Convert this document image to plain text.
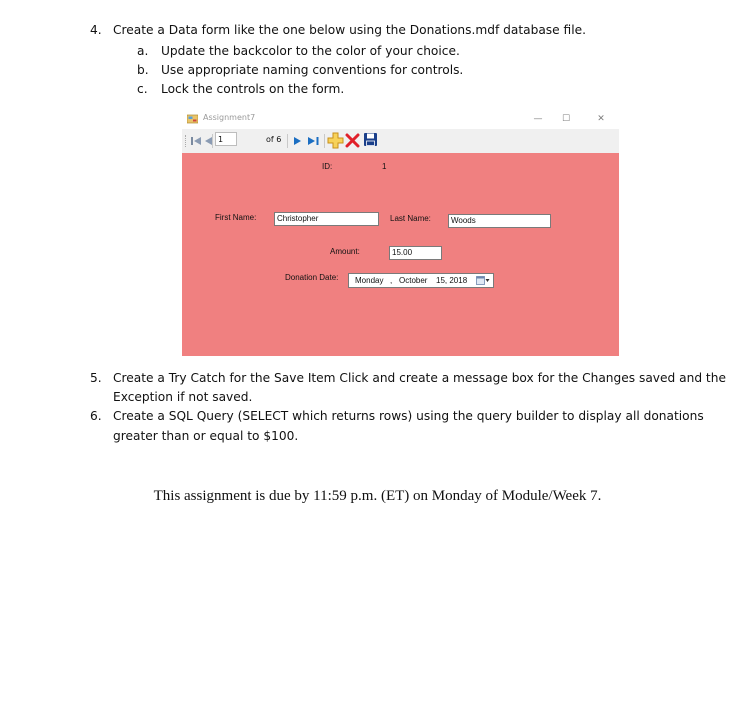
4. Create a Data form like the one below using the Donations.mdf database file.
a. Update the backcolor to the color of your choice.
b. Use appropriate naming conventions for controls.
c. Lock the controls on the form.
5. Create a Try Catch for the Save Item Click and create a message box for the Changes saved and the
Exception if not saved.
6. Create a SQL Query (SELECT which returns rows) using the query builder to display all donations
greater than or equal to $100.
Assignment7	—	☐	✕
1	of 6
ID:	1
First Name:	Christopher	Last Name:	Woods
Amount:	15.00
Donation Date: Monday , October 15, 2018
This assignment is due by 11:59 p.m. (ET) on Monday of Module/Week 7.
